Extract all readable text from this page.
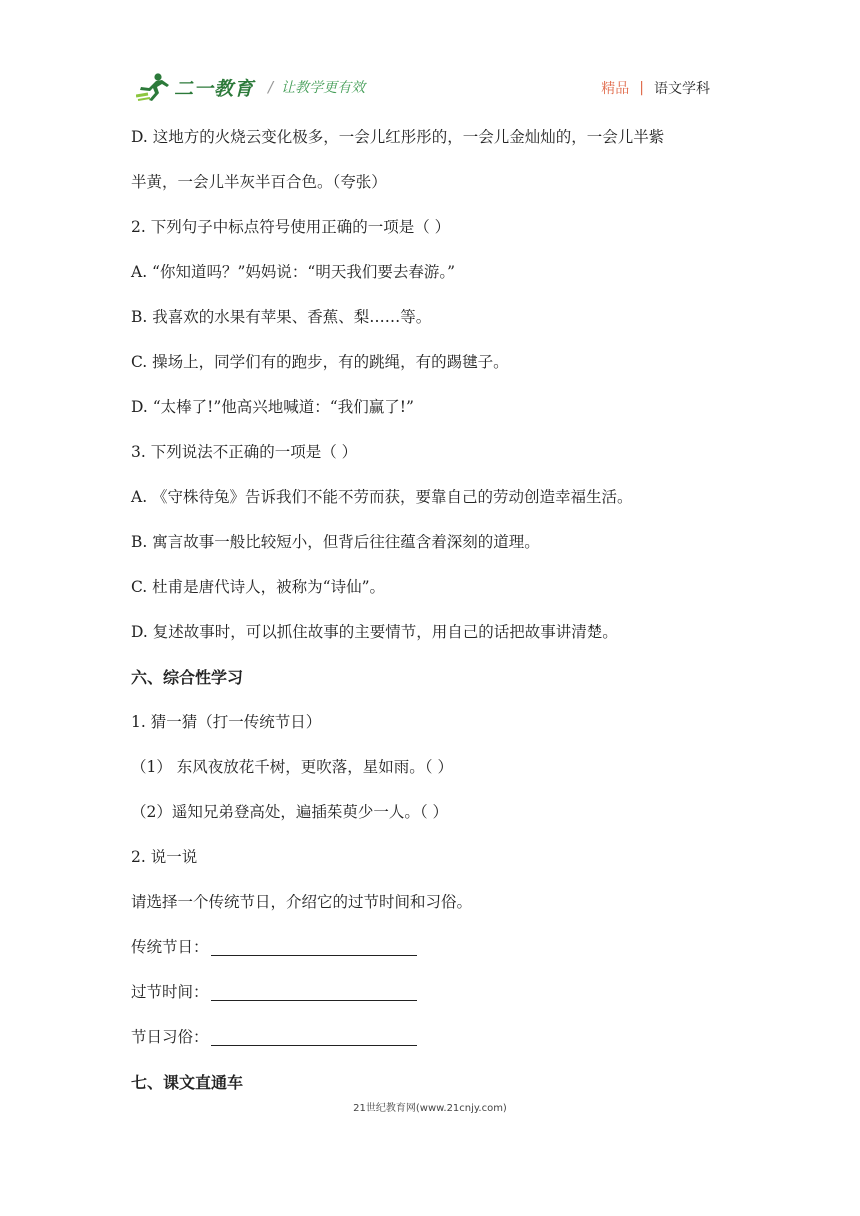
二一教育 / 让教学更有效	精品 | 语文学科
D. 这地方的火烧云变化极多，一会儿红彤彤的，一会儿金灿灿的，一会儿半紫
半黄，一会儿半灰半百合色。（夸张）
2. 下列句子中标点符号使用正确的一项是（ ）
A. “你知道吗？”妈妈说：“明天我们要去春游。”
B. 我喜欢的水果有苹果、香蕉、梨……等。
C. 操场上，同学们有的跑步，有的跳绳，有的踢毽子。
D. “太棒了!”他高兴地喊道：“我们赢了!”
3. 下列说法不正确的一项是（ ）
A. 《守株待兔》告诉我们不能不劳而获，要靠自己的劳动创造幸福生活。
B. 寓言故事一般比较短小，但背后往往蕴含着深刻的道理。
C. 杜甫是唐代诗人，被称为“诗仙”。
D. 复述故事时，可以抓住故事的主要情节，用自己的话把故事讲清楚。
六、综合性学习
1. 猜一猜（打一传统节日）
（1） 东风夜放花千树，更吹落，星如雨。（ ）
（2）遥知兄弟登高处，遍插茱萸少一人。（ ）
2. 说一说
请选择一个传统节日，介绍它的过节时间和习俗。
传统节日：
过节时间：
节日习俗：
七、课文直通车
21世纪教育网(www.21cnjy.com)
